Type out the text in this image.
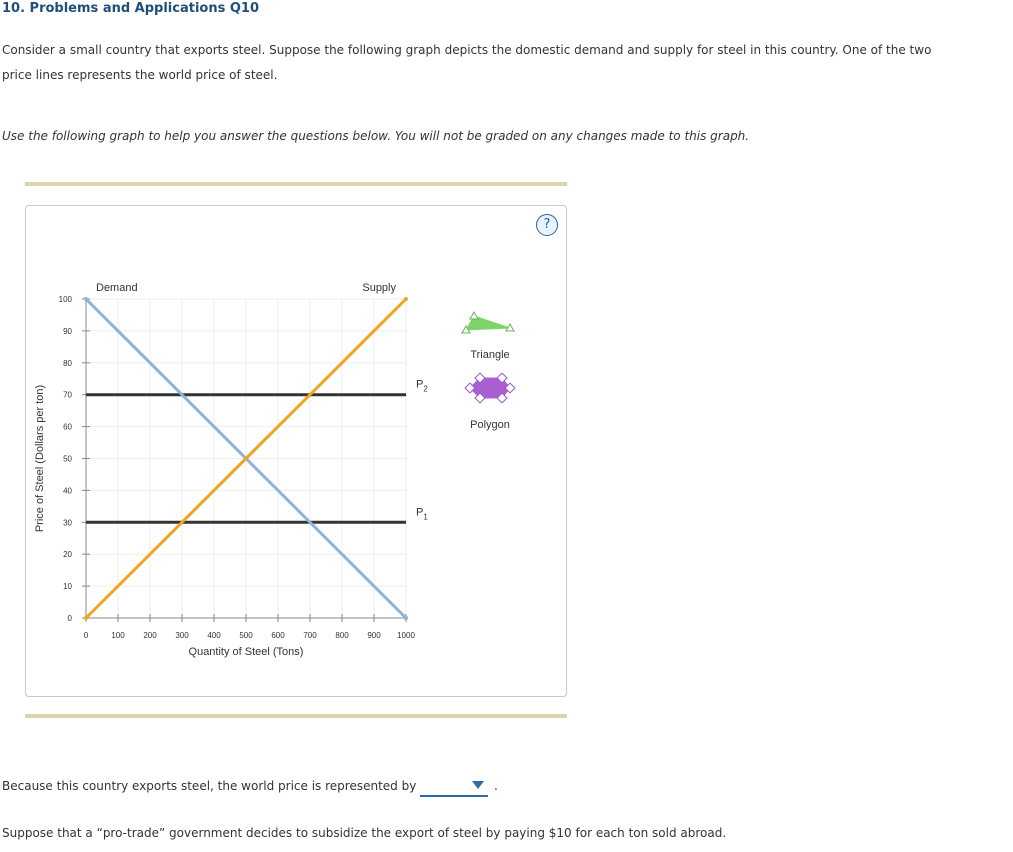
10. Problems and Applications Q10
Consider a small country that exports steel. Suppose the following graph depicts the domestic demand and supply for steel in this country. One of the two price lines represents the world price of steel.
Use the following graph to help you answer the questions below. You will not be graded on any changes made to this graph.
0
10
20
30
40
50
60
70
80
90
100
0	100 200 300 400 500 600 700 800 900 1000
Quantity of Steel (Tons)
Price of Steel (Dollars per ton)
$P_2$
$P_1$
Demand	Supply
Triangle
Polygon
?
Because this country exports steel, the world price is represented by	.
Suppose that a “pro-trade” government decides to subsidize the export of steel by paying $10 for each ton sold abroad.
